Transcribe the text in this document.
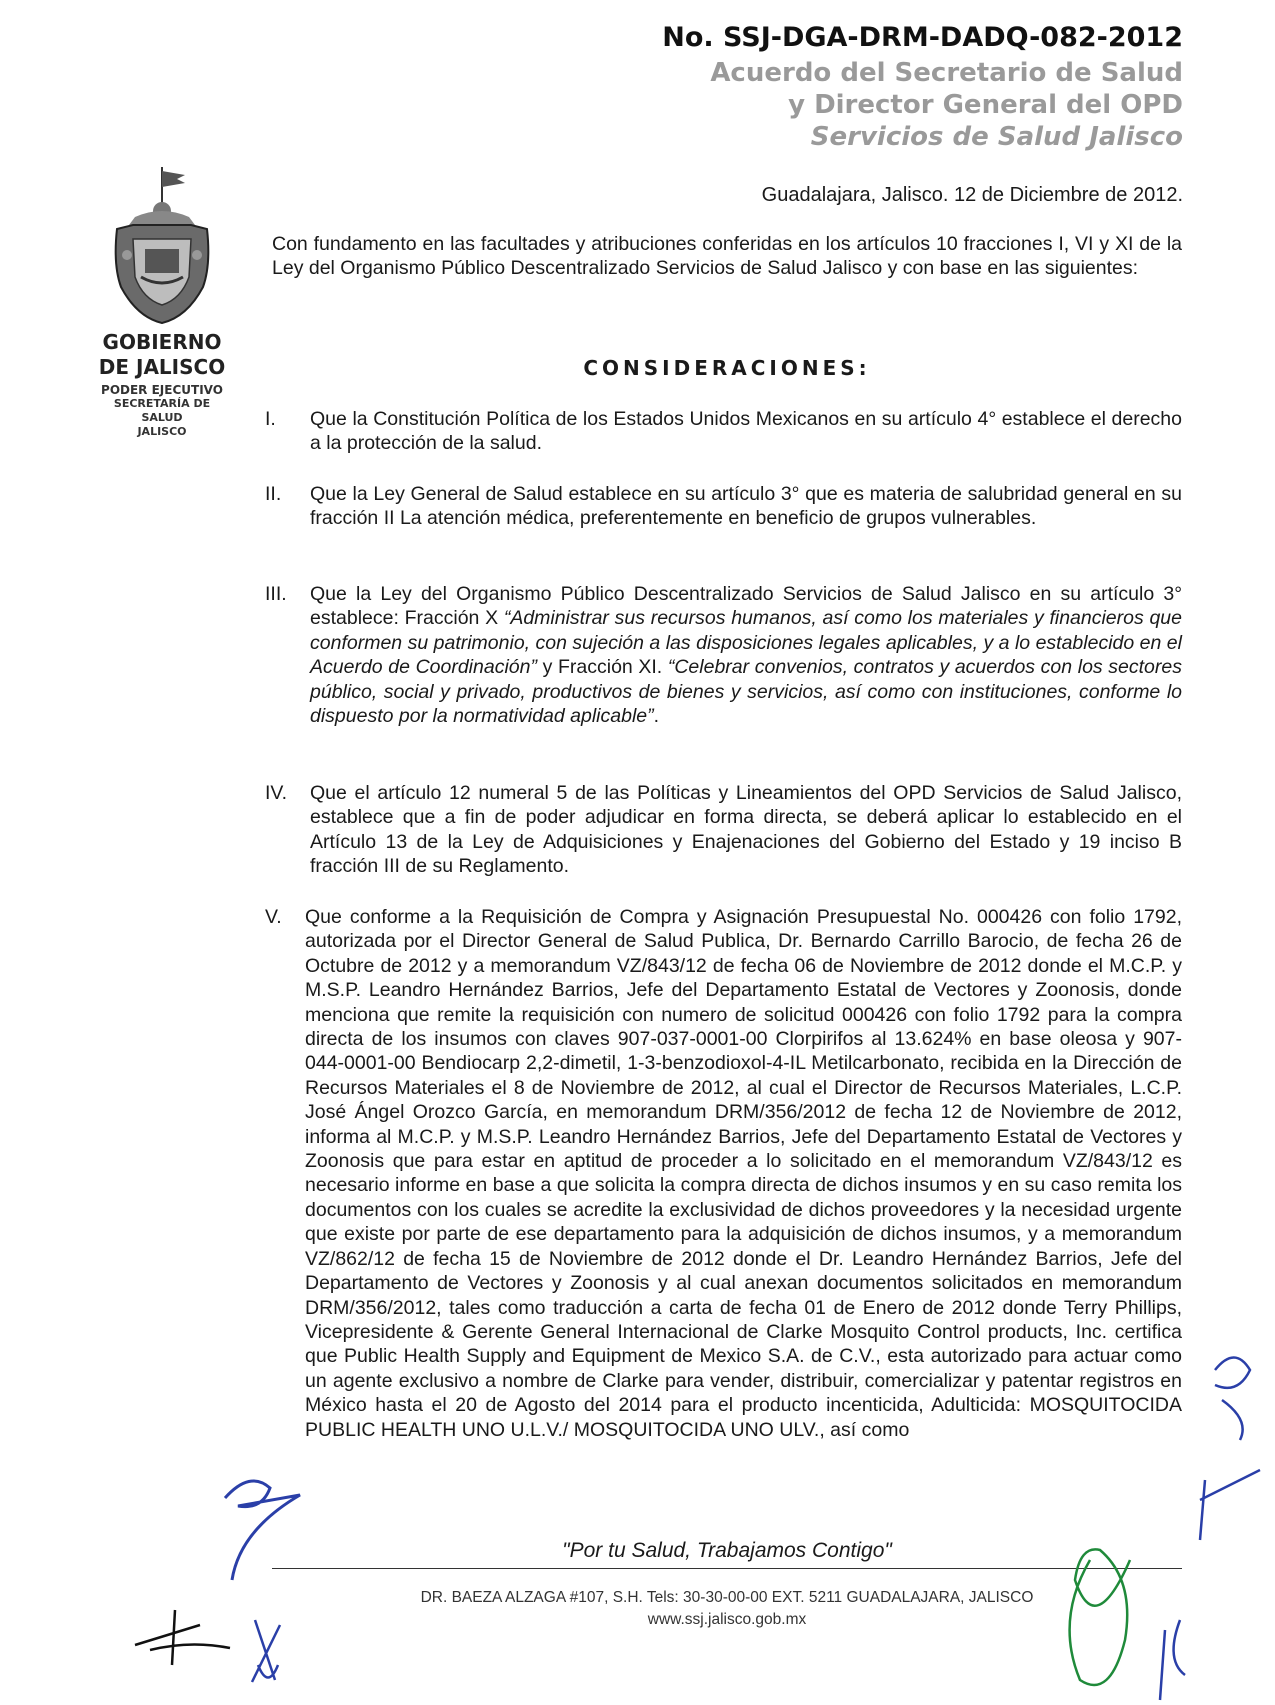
No. SSJ-DGA-DRM-DADQ-082-2012
Acuerdo del Secretario de Salud
y Director General del OPD
Servicios de Salud Jalisco
Guadalajara, Jalisco. 12 de Diciembre de 2012.
GOBIERNO
DE JALISCO
PODER EJECUTIVO
SECRETARÍA DE
SALUD
JALISCO
Con fundamento en las facultades y atribuciones conferidas en los artículos 10 fracciones I, VI y XI de la Ley del Organismo Público Descentralizado Servicios de Salud Jalisco y con base en las siguientes:
CONSIDERACIONES:
I. Que la Constitución Política de los Estados Unidos Mexicanos en su artículo 4° establece el derecho a la protección de la salud.
II. Que la Ley General de Salud establece en su artículo 3° que es materia de salubridad general en su fracción II La atención médica, preferentemente en beneficio de grupos vulnerables.
III. Que la Ley del Organismo Público Descentralizado Servicios de Salud Jalisco en su artículo 3° establece: Fracción X “Administrar sus recursos humanos, así como los materiales y financieros que conformen su patrimonio, con sujeción a las disposiciones legales aplicables, y a lo establecido en el Acuerdo de Coordinación” y Fracción XI. “Celebrar convenios, contratos y acuerdos con los sectores público, social y privado, productivos de bienes y servicios, así como con instituciones, conforme lo dispuesto por la normatividad aplicable”.
IV. Que el artículo 12 numeral 5 de las Políticas y Lineamientos del OPD Servicios de Salud Jalisco, establece que a fin de poder adjudicar en forma directa, se deberá aplicar lo establecido en el Artículo 13 de la Ley de Adquisiciones y Enajenaciones del Gobierno del Estado y 19 inciso B fracción III de su Reglamento.
V. Que conforme a la Requisición de Compra y Asignación Presupuestal No. 000426 con folio 1792, autorizada por el Director General de Salud Publica, Dr. Bernardo Carrillo Barocio, de fecha 26 de Octubre de 2012 y a memorandum VZ/843/12 de fecha 06 de Noviembre de 2012 donde el M.C.P. y M.S.P. Leandro Hernández Barrios, Jefe del Departamento Estatal de Vectores y Zoonosis, donde menciona que remite la requisición con numero de solicitud 000426 con folio 1792 para la compra directa de los insumos con claves 907-037-0001-00 Clorpirifos al 13.624% en base oleosa y 907-044-0001-00 Bendiocarp 2,2-dimetil, 1-3-benzodioxol-4-IL Metilcarbonato, recibida en la Dirección de Recursos Materiales el 8 de Noviembre de 2012, al cual el Director de Recursos Materiales, L.C.P. José Ángel Orozco García, en memorandum DRM/356/2012 de fecha 12 de Noviembre de 2012, informa al M.C.P. y M.S.P. Leandro Hernández Barrios, Jefe del Departamento Estatal de Vectores y Zoonosis que para estar en aptitud de proceder a lo solicitado en el memorandum VZ/843/12 es necesario informe en base a que solicita la compra directa de dichos insumos y en su caso remita los documentos con los cuales se acredite la exclusividad de dichos proveedores y la necesidad urgente que existe por parte de ese departamento para la adquisición de dichos insumos, y a memorandum VZ/862/12 de fecha 15 de Noviembre de 2012 donde el Dr. Leandro Hernández Barrios, Jefe del Departamento de Vectores y Zoonosis y al cual anexan documentos solicitados en memorandum DRM/356/2012, tales como traducción a carta de fecha 01 de Enero de 2012 donde Terry Phillips, Vicepresidente & Gerente General Internacional de Clarke Mosquito Control products, Inc. certifica que Public Health Supply and Equipment de Mexico S.A. de C.V., esta autorizado para actuar como un agente exclusivo a nombre de Clarke para vender, distribuir, comercializar y patentar registros en México hasta el 20 de Agosto del 2014 para el producto incenticida, Adulticida: MOSQUITOCIDA PUBLIC HEALTH UNO U.L.V./ MOSQUITOCIDA UNO ULV., así como
"Por tu Salud, Trabajamos Contigo"
DR. BAEZA ALZAGA #107, S.H. Tels: 30-30-00-00 EXT. 5211 GUADALAJARA, JALISCO
www.ssj.jalisco.gob.mx
